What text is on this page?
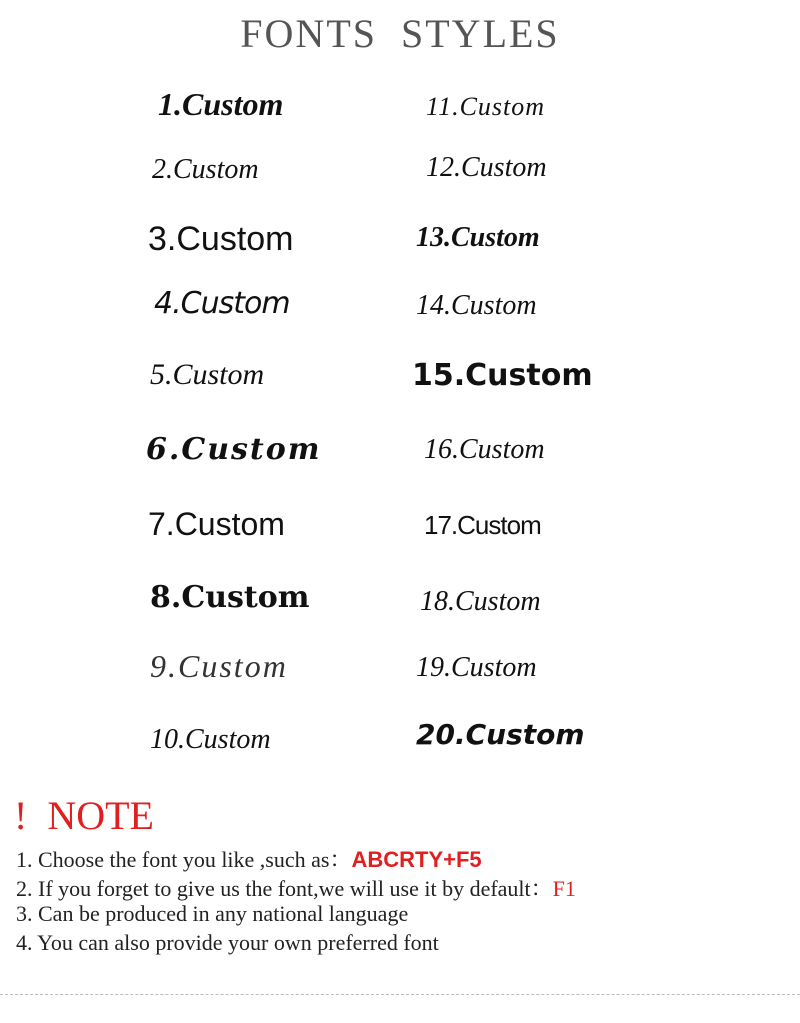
FONTS STYLES
1.Custom
2.Custom
3.Custom
4.Custom
5.Custom
6.Custom
7.Custom
8.Custom
9.Custom
10.Custom
11.Custom
12.Custom
13.Custom
14.Custom
15.Custom
16.Custom
17.Custom
18.Custom
19.Custom
20.Custom
! NOTE
1. Choose the font you like ,such as：ABCRTY+F5
2. If you forget to give us the font,we will use it by default：F1
3. Can be produced in any national language
4. You can also provide your own preferred font
